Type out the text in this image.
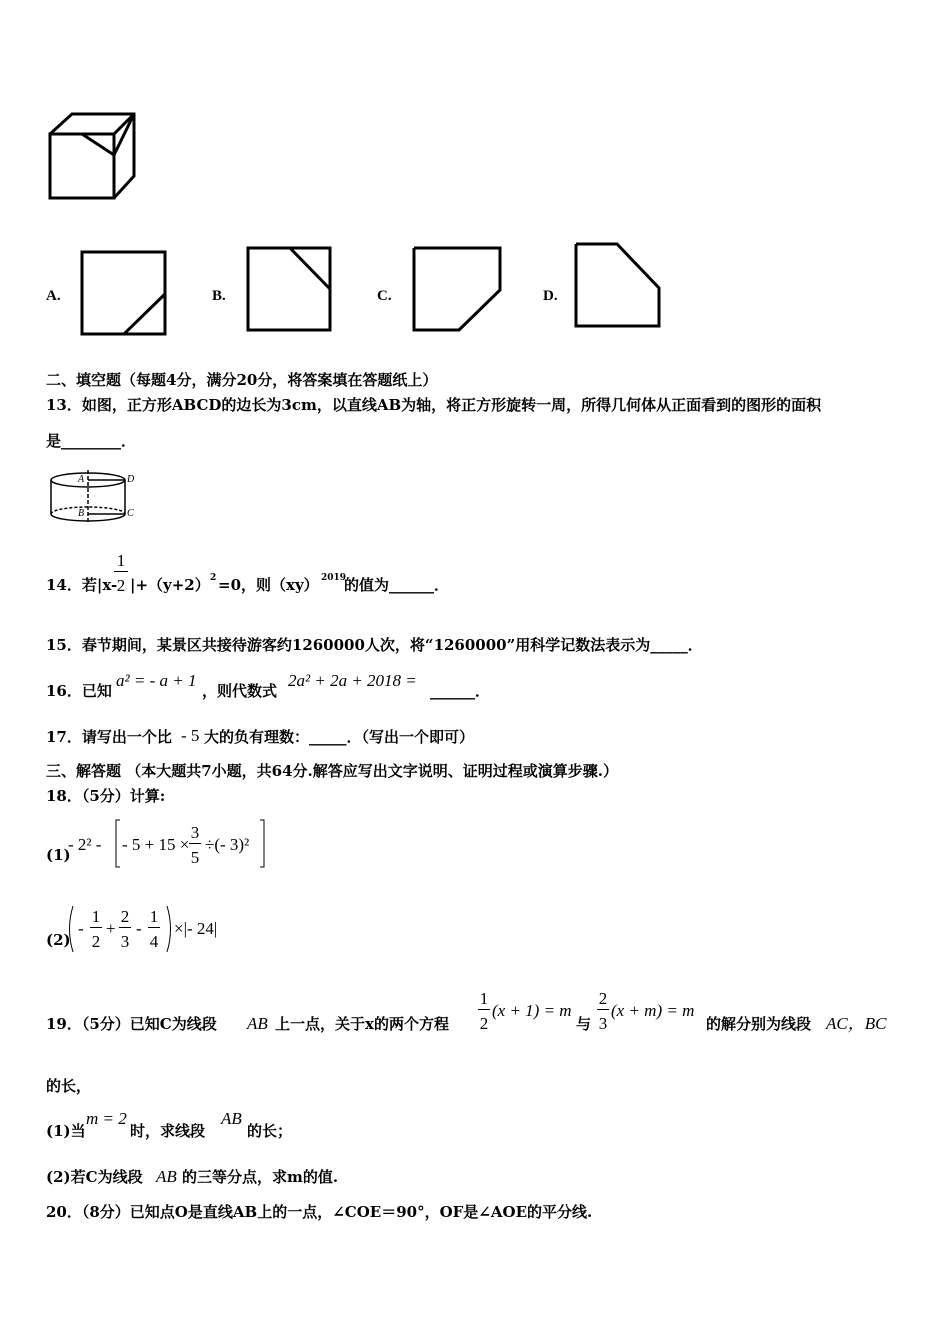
A.	B.	C.	D.
二、填空题（每题4分，满分20分，将答案填在答题纸上）
13．如图，正方形ABCD的边长为3cm，以直线AB为轴，将正方形旋转一周，所得几何体从正面看到的图形的面积
是________．
A
B
D
C
14．若|x-
1
2 |+（y+2） 2 =0，则（xy） 2019
的值为______．
15．春节期间，某景区共接待游客约1260000人次，将“1260000”用科学记数法表示为_____．
16．已知
a² = - a + 1
，则代数式
2a² + 2a + 2018 =
______．
17．请写出一个比 - 5 大的负有理数：_____．（写出一个即可）
三、解答题 （本大题共7小题，共64分.解答应写出文字说明、证明过程或演算步骤.）
18．（5分）计算:
(1)
- 2² - - 5 + 15 ×
3
5
÷(- 3)²
(2)
-
1
2
+
2
3
-
1
4
×|- 24|
19．（5分）已知C为线段 AB 上一点，关于x的两个方程
1
2
(x + 1) = m
与
2
3
(x + m) = m
的解分别为线段 AC，BC
的长，
(1)当
m = 2
时，求线段
AB
的长；
(2)若C为线段 AB 的三等分点，求m的值.
20．（8分）已知点O是直线AB上的一点，∠COE＝90°，OF是∠AOE的平分线.
